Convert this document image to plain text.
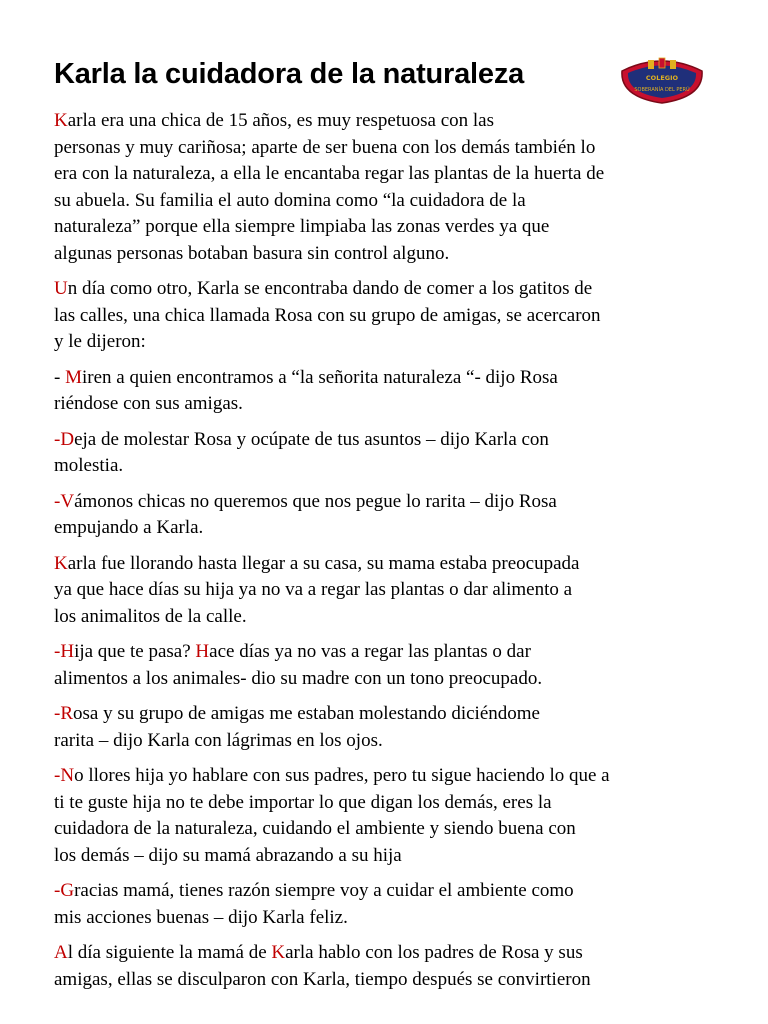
Karla la cuidadora de la naturaleza	COLEGIO
SOBERANÍA DEL PERÚ

Karla era una chica de 15 años, es muy respetuosa con las
personas y muy cariñosa; aparte de ser buena con los demás también lo
era con la naturaleza, a ella le encantaba regar las plantas de la huerta de
su abuela. Su familia el auto domina como “la cuidadora de la
naturaleza” porque ella siempre limpiaba las zonas verdes ya que
algunas personas botaban basura sin control alguno.

Un día como otro, Karla se encontraba dando de comer a los gatitos de
las calles, una chica llamada Rosa con su grupo de amigas, se acercaron
y le dijeron:

- Miren a quien encontramos a “la señorita naturaleza “- dijo Rosa
riéndose con sus amigas.

-Deja de molestar Rosa y ocúpate de tus asuntos – dijo Karla con
molestia.

-Vámonos chicas no queremos que nos pegue lo rarita – dijo Rosa
empujando a Karla.

Karla fue llorando hasta llegar a su casa, su mama estaba preocupada
ya que hace días su hija ya no va a regar las plantas o dar alimento a
los animalitos de la calle.

-Hija que te pasa? Hace días ya no vas a regar las plantas o dar
alimentos a los animales- dio su madre con un tono preocupado.

-Rosa y su grupo de amigas me estaban molestando diciéndome
rarita – dijo Karla con lágrimas en los ojos.

-No llores hija yo hablare con sus padres, pero tu sigue haciendo lo que a
ti te guste hija no te debe importar lo que digan los demás, eres la
cuidadora de la naturaleza, cuidando el ambiente y siendo buena con
los demás – dijo su mamá abrazando a su hija

-Gracias mamá, tienes razón siempre voy a cuidar el ambiente como
mis acciones buenas – dijo Karla feliz.

Al día siguiente la mamá de Karla hablo con los padres de Rosa y sus
amigas, ellas se disculparon con Karla, tiempo después se convirtieron
